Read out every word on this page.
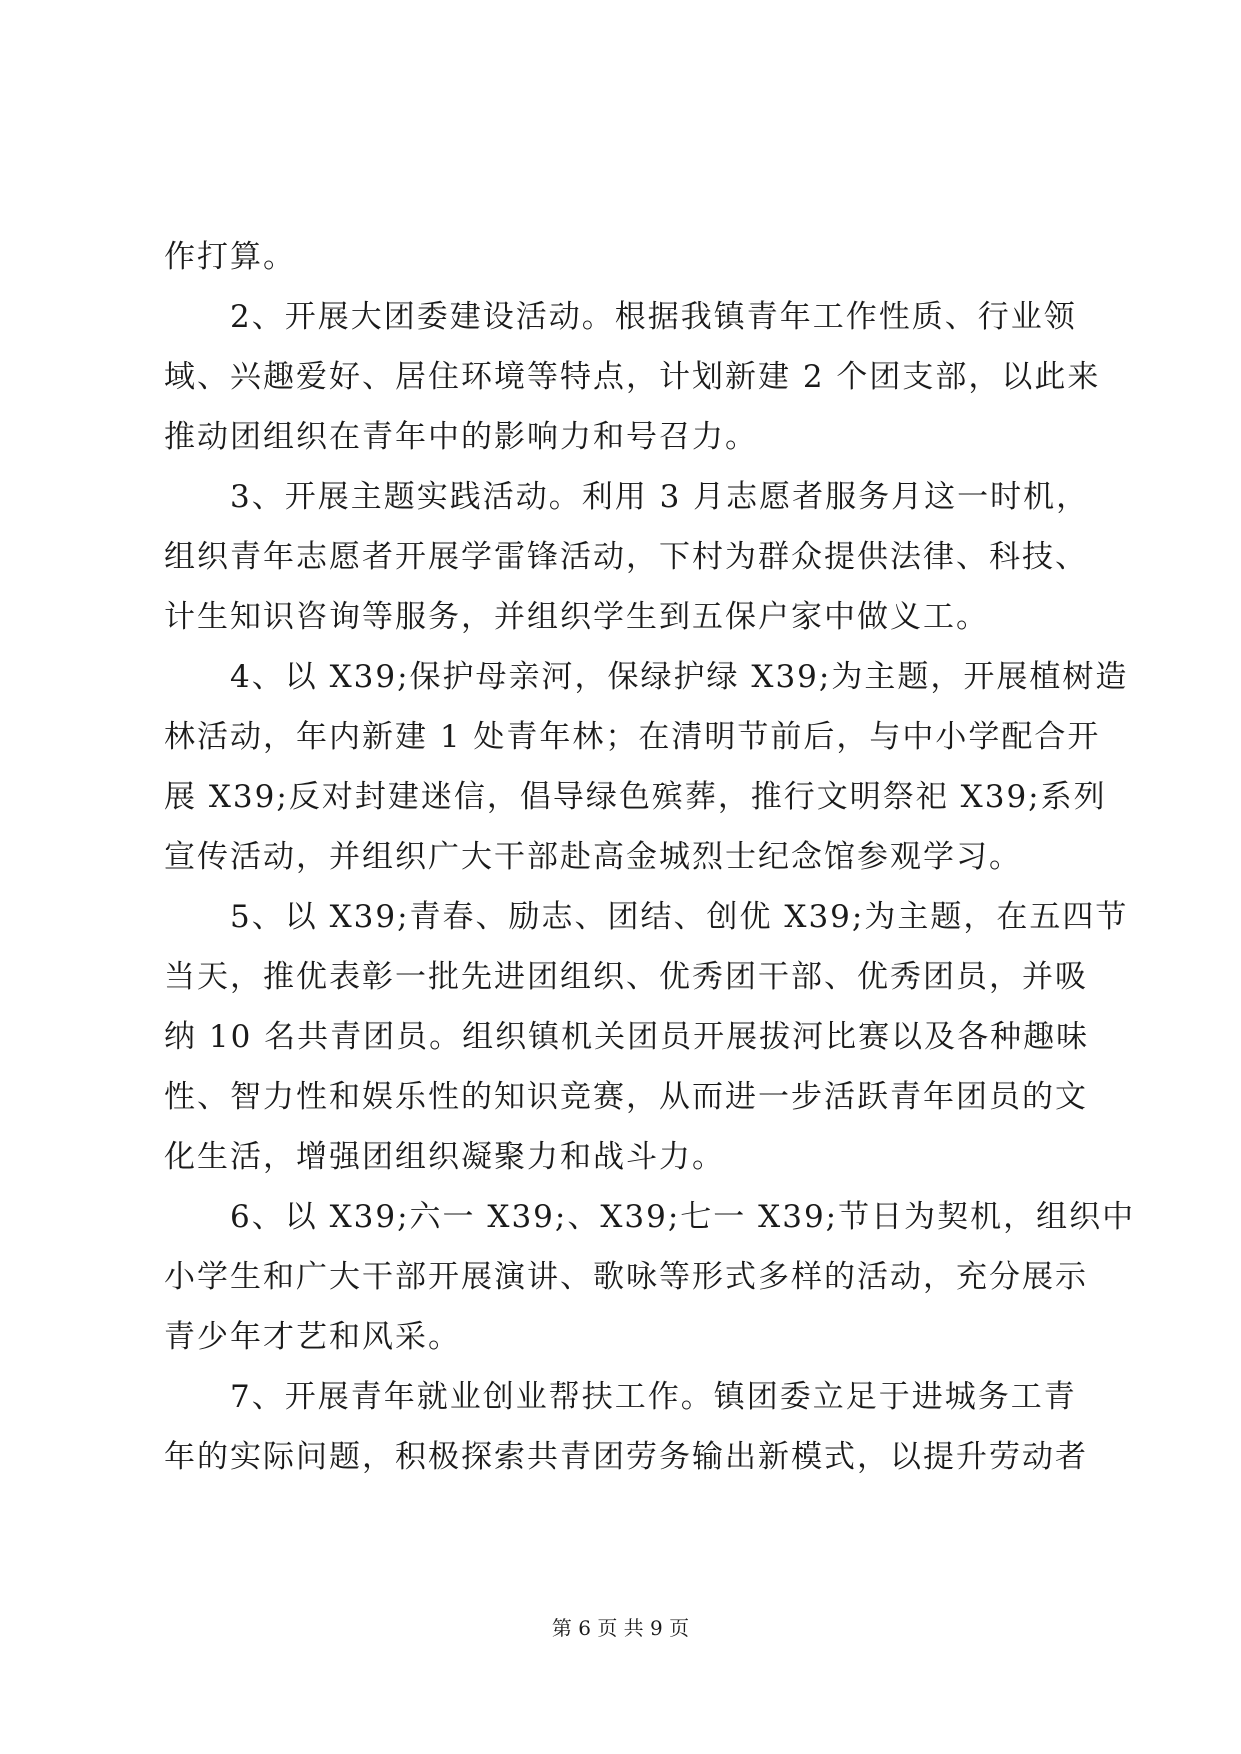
作打算。
　　2、开展大团委建设活动。根据我镇青年工作性质、行业领
域、兴趣爱好、居住环境等特点，计划新建 2 个团支部，以此来
推动团组织在青年中的影响力和号召力。
　　3、开展主题实践活动。利用 3 月志愿者服务月这一时机，
组织青年志愿者开展学雷锋活动，下村为群众提供法律、科技、
计生知识咨询等服务，并组织学生到五保户家中做义工。
　　4、以 X39;保护母亲河，保绿护绿 X39;为主题，开展植树造
林活动，年内新建 1 处青年林；在清明节前后，与中小学配合开
展 X39;反对封建迷信，倡导绿色殡葬，推行文明祭祀 X39;系列
宣传活动，并组织广大干部赴高金城烈士纪念馆参观学习。
　　5、以 X39;青春、励志、团结、创优 X39;为主题，在五四节
当天，推优表彰一批先进团组织、优秀团干部、优秀团员，并吸
纳 10 名共青团员。组织镇机关团员开展拔河比赛以及各种趣味
性、智力性和娱乐性的知识竞赛，从而进一步活跃青年团员的文
化生活，增强团组织凝聚力和战斗力。
　　6、以 X39;六一 X39;、X39;七一 X39;节日为契机，组织中
小学生和广大干部开展演讲、歌咏等形式多样的活动，充分展示
青少年才艺和风采。
　　7、开展青年就业创业帮扶工作。镇团委立足于进城务工青
年的实际问题，积极探索共青团劳务输出新模式，以提升劳动者
第 6 页 共 9 页
